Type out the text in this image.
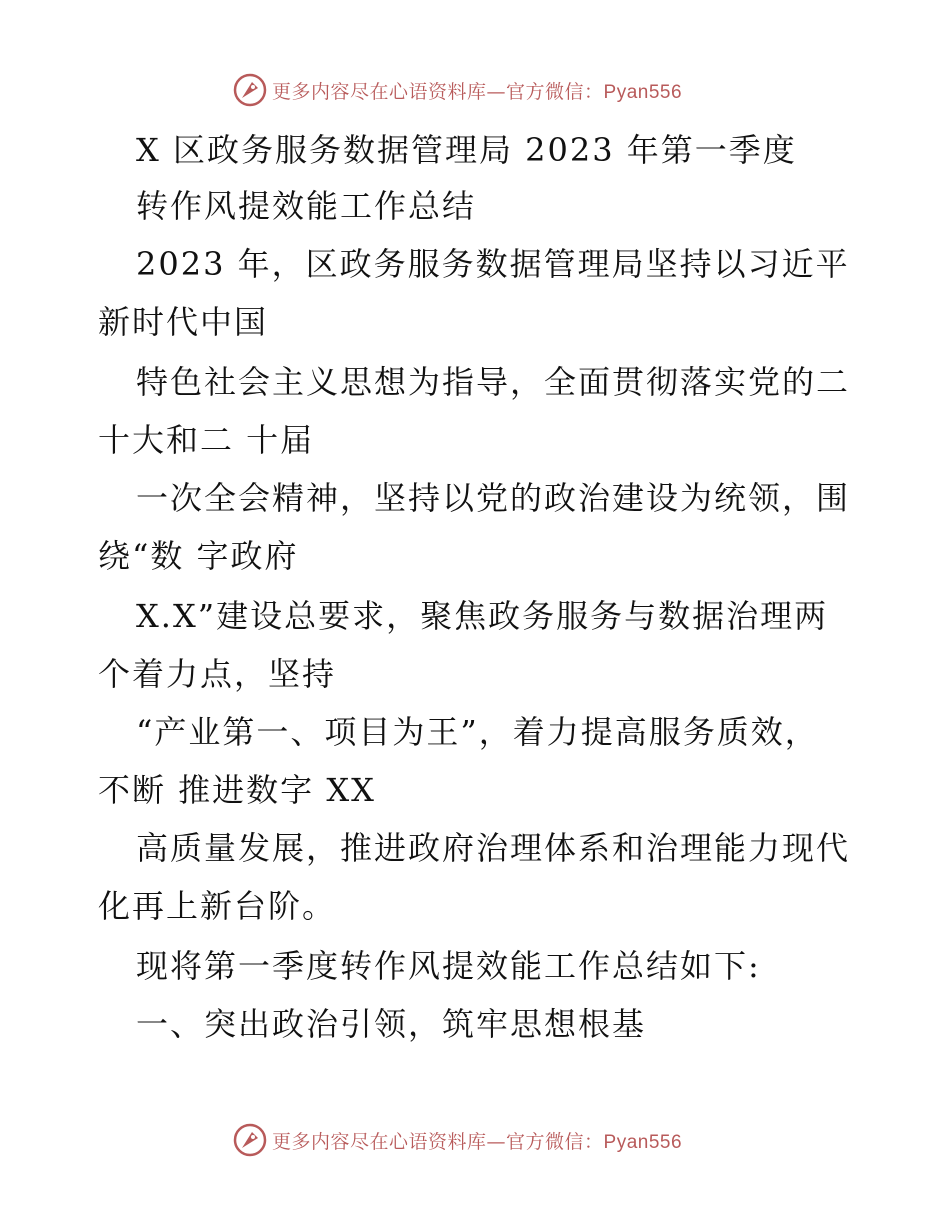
更多内容尽在心语资料库—官方微信：Pyan556
X 区政务服务数据管理局 2023 年第一季度
转作风提效能工作总结
2023 年，区政务服务数据管理局坚持以习近平
新时代中国
特色社会主义思想为指导，全面贯彻落实党的二
十大和二 十届
一次全会精神，坚持以党的政治建设为统领，围
绕“数 字政府
X.X”建设总要求，聚焦政务服务与数据治理两
个着力点，坚持
“产业第一、项目为王”，着力提高服务质效，
不断 推进数字 XX
高质量发展，推进政府治理体系和治理能力现代
化再上新台阶。
现将第一季度转作风提效能工作总结如下:
一、突出政治引领，筑牢思想根基
更多内容尽在心语资料库—官方微信：Pyan556
